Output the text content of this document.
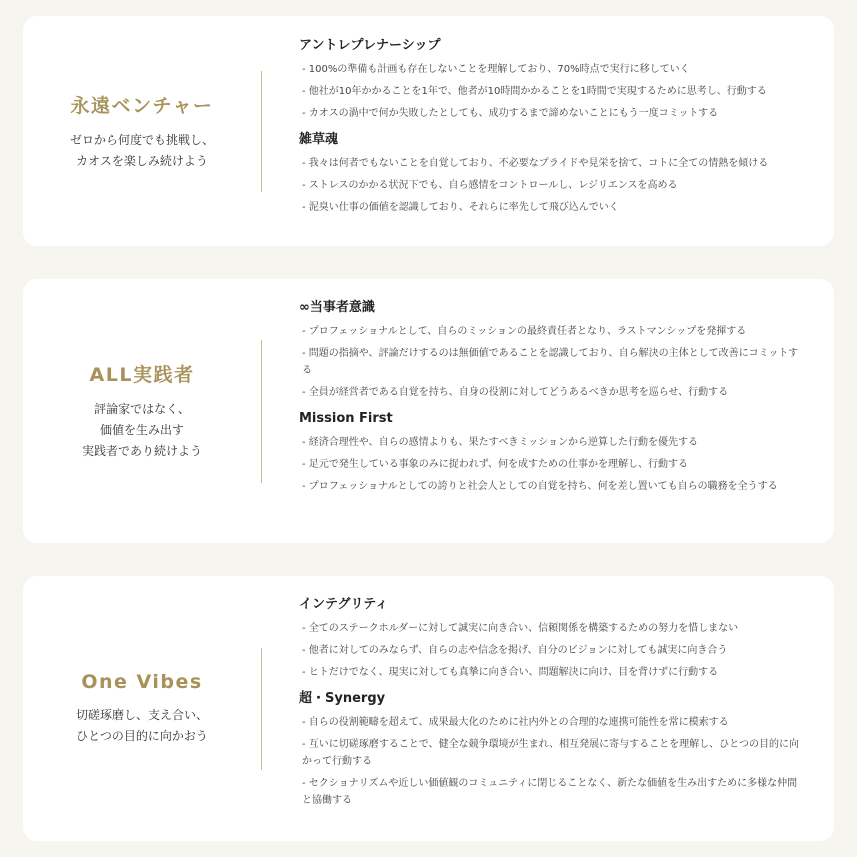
永遠ベンチャー
ゼロから何度でも挑戦し、
カオスを楽しみ続けよう
アントレプレナーシップ
- 100%の準備も計画も存在しないことを理解しており、70%時点で実行に移していく
- 他社が10年かかることを1年で、他者が10時間かかることを1時間で実現するために思考し、行動する
- カオスの渦中で何か失敗したとしても、成功するまで諦めないことにもう一度コミットする
雑草魂
- 我々は何者でもないことを自覚しており、不必要なプライドや見栄を捨て、コトに全ての情熱を傾ける
- ストレスのかかる状況下でも、自ら感情をコントロールし、レジリエンスを高める
- 泥臭い仕事の価値を認識しており、それらに率先して飛び込んでいく
ALL実践者
評論家ではなく、
価値を生み出す
実践者であり続けよう
∞当事者意識
- プロフェッショナルとして、自らのミッションの最終責任者となり、ラストマンシップを発揮する
- 問題の指摘や、評論だけするのは無価値であることを認識しており、自ら解決の主体として改善にコミットする
- 全員が経営者である自覚を持ち、自身の役割に対してどうあるべきか思考を巡らせ、行動する
Mission First
- 経済合理性や、自らの感情よりも、果たすべきミッションから逆算した行動を優先する
- 足元で発生している事象のみに捉われず、何を成すための仕事かを理解し、行動する
- プロフェッショナルとしての誇りと社会人としての自覚を持ち、何を差し置いても自らの職務を全うする
One Vibes
切磋琢磨し、支え合い、
ひとつの目的に向かおう
インテグリティ
- 全てのステークホルダーに対して誠実に向き合い、信頼関係を構築するための努力を惜しまない
- 他者に対してのみならず、自らの志や信念を掲げ、自分のビジョンに対しても誠実に向き合う
- ヒトだけでなく、現実に対しても真摯に向き合い、問題解決に向け、目を背けずに行動する
超・Synergy
- 自らの役割範疇を超えて、成果最大化のために社内外との合理的な連携可能性を常に模索する
- 互いに切磋琢磨することで、健全な競争環境が生まれ、相互発展に寄与することを理解し、ひとつの目的に向かって行動する
- セクショナリズムや近しい価値観のコミュニティに閉じることなく、新たな価値を生み出すために多様な仲間と協働する
